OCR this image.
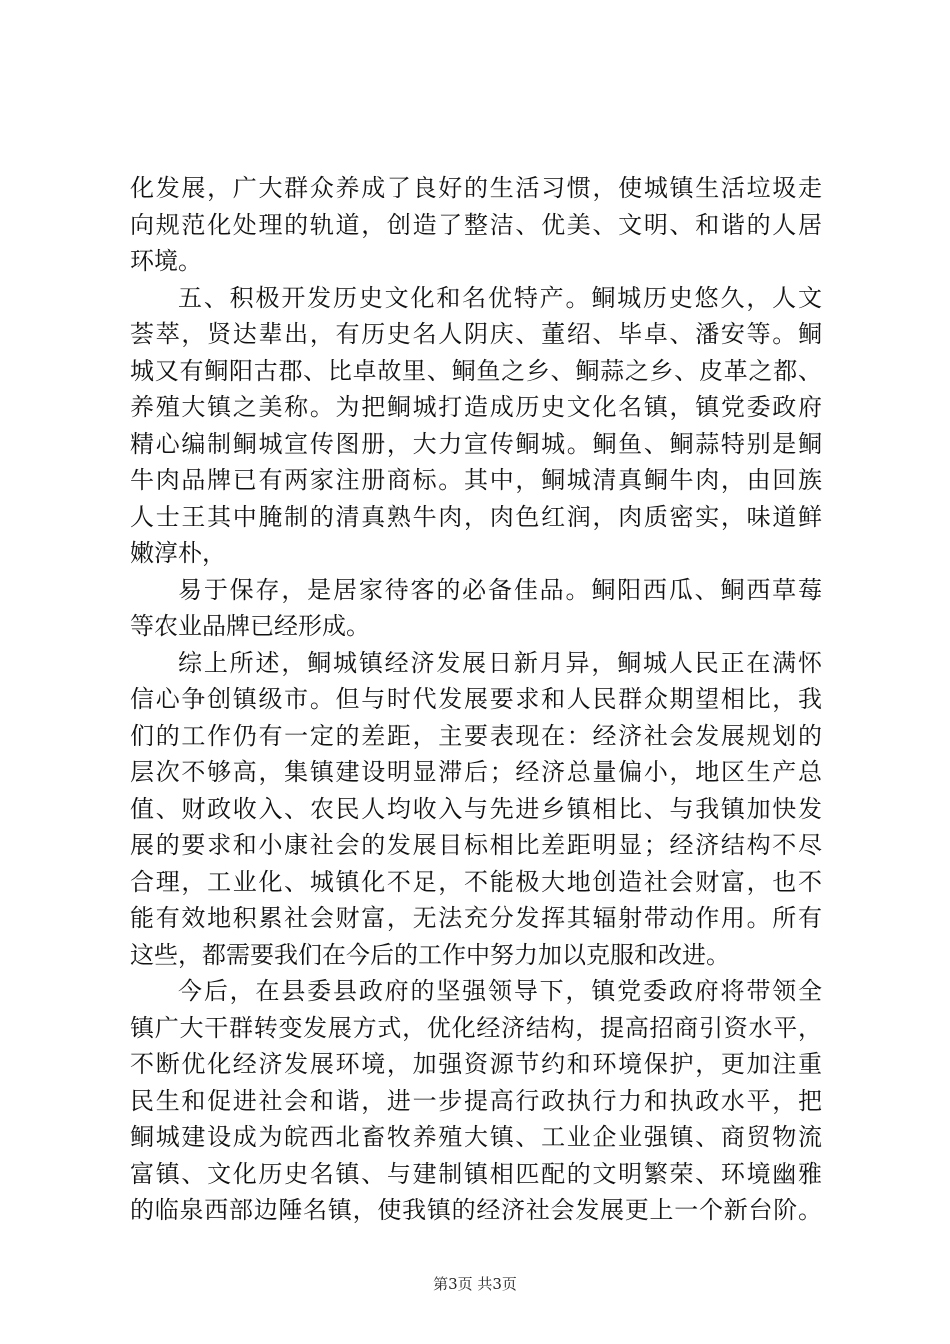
化发展，广大群众养成了良好的生活习惯，使城镇生活垃圾走
向规范化处理的轨道，创造了整洁、优美、文明、和谐的人居
环境。
五、积极开发历史文化和名优特产。鲖城历史悠久，人文
荟萃，贤达辈出，有历史名人阴庆、董绍、毕卓、潘安等。鲖
城又有鲖阳古郡、比卓故里、鲖鱼之乡、鲖蒜之乡、皮革之都、
养殖大镇之美称。为把鲖城打造成历史文化名镇，镇党委政府
精心编制鲖城宣传图册，大力宣传鲖城。鲖鱼、鲖蒜特别是鲖
牛肉品牌已有两家注册商标。其中，鲖城清真鲖牛肉，由回族
人士王其中腌制的清真熟牛肉，肉色红润，肉质密实，味道鲜
嫩淳朴，
易于保存，是居家待客的必备佳品。鲖阳西瓜、鲖西草莓
等农业品牌已经形成。
综上所述，鲖城镇经济发展日新月异，鲖城人民正在满怀
信心争创镇级市。但与时代发展要求和人民群众期望相比，我
们的工作仍有一定的差距，主要表现在：经济社会发展规划的
层次不够高，集镇建设明显滞后；经济总量偏小，地区生产总
值、财政收入、农民人均收入与先进乡镇相比、与我镇加快发
展的要求和小康社会的发展目标相比差距明显；经济结构不尽
合理，工业化、城镇化不足，不能极大地创造社会财富，也不
能有效地积累社会财富，无法充分发挥其辐射带动作用。所有
这些，都需要我们在今后的工作中努力加以克服和改进。
今后，在县委县政府的坚强领导下，镇党委政府将带领全
镇广大干群转变发展方式，优化经济结构，提高招商引资水平，
不断优化经济发展环境，加强资源节约和环境保护，更加注重
民生和促进社会和谐，进一步提高行政执行力和执政水平，把
鲖城建设成为皖西北畜牧养殖大镇、工业企业强镇、商贸物流
富镇、文化历史名镇、与建制镇相匹配的文明繁荣、环境幽雅
的临泉西部边陲名镇，使我镇的经济社会发展更上一个新台阶。
第3页 共3页
